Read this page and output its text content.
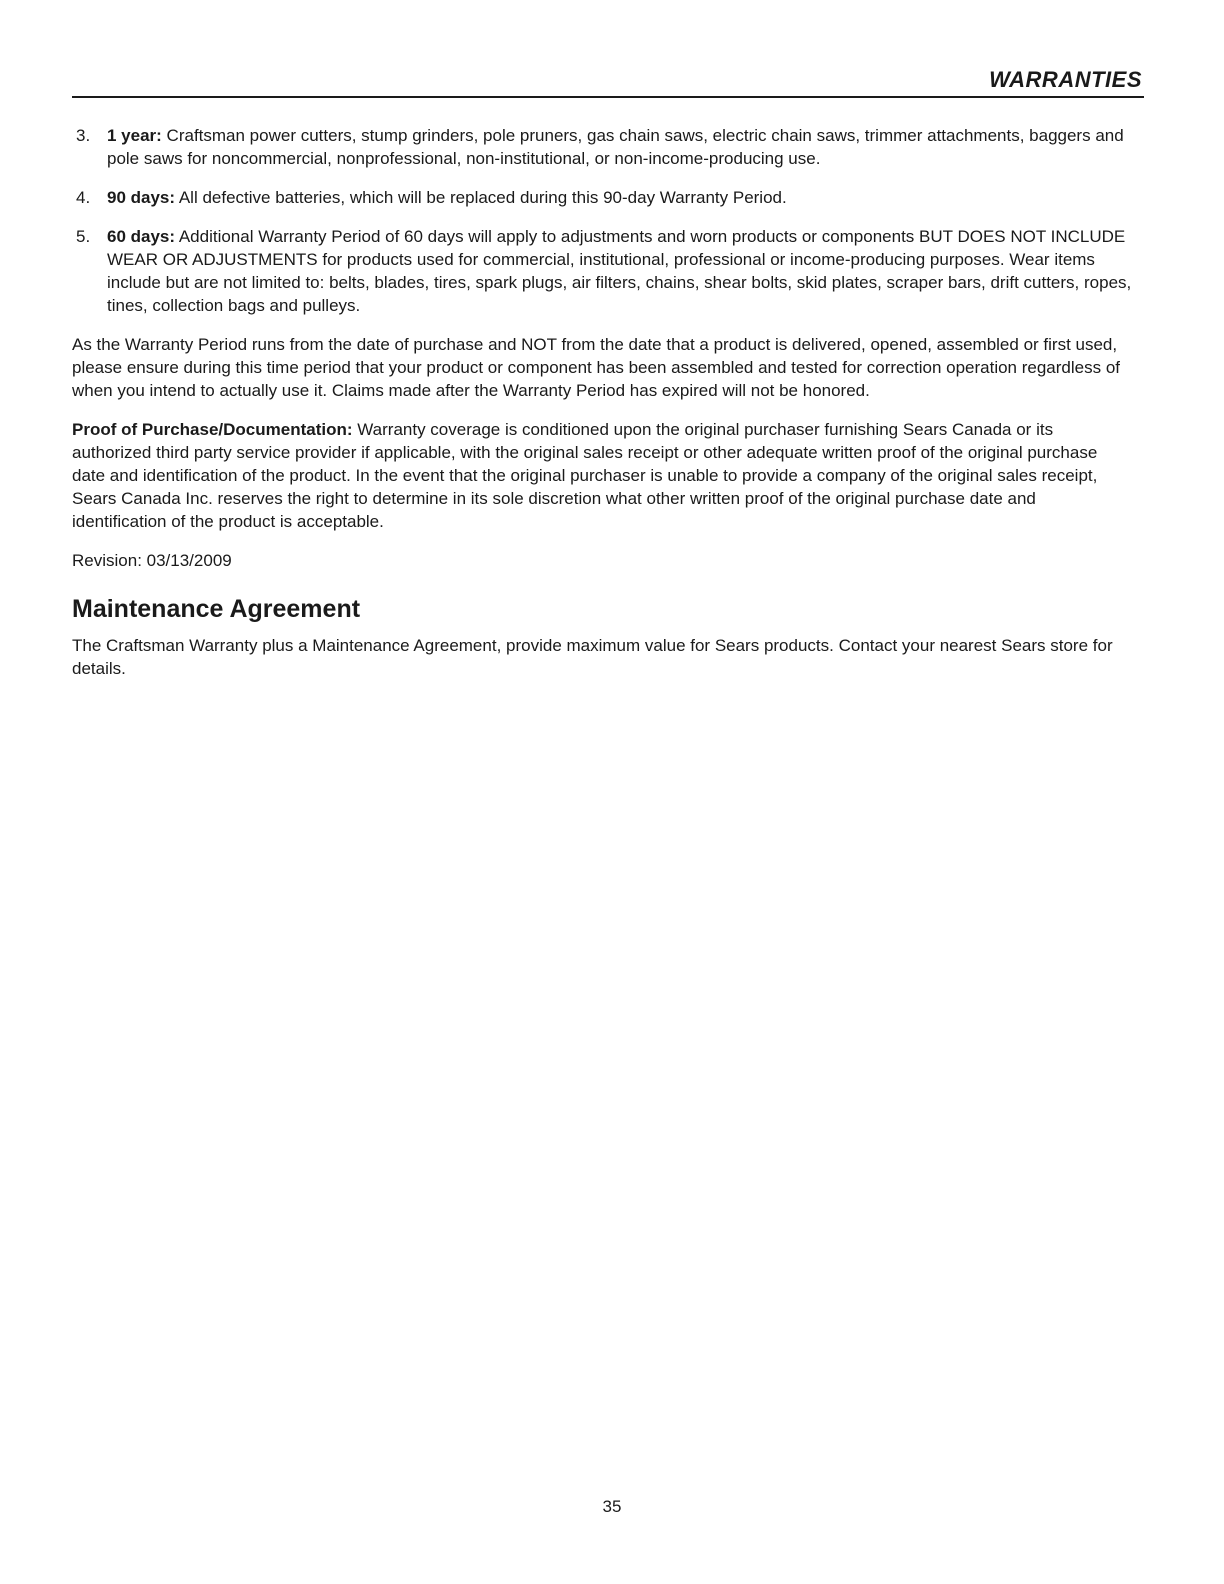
WARRANTIES
3. 1 year: Craftsman power cutters, stump grinders, pole pruners, gas chain saws, electric chain saws, trimmer attachments, baggers and pole saws for noncommercial, nonprofessional, non-institutional, or non-income-producing use.
4. 90 days: All defective batteries, which will be replaced during this 90-day Warranty Period.
5. 60 days: Additional Warranty Period of 60 days will apply to adjustments and worn products or components BUT DOES NOT INCLUDE WEAR OR ADJUSTMENTS for products used for commercial, institutional, professional or income-producing purposes. Wear items include but are not limited to: belts, blades, tires, spark plugs, air filters, chains, shear bolts, skid plates, scraper bars, drift cutters, ropes, tines, collection bags and pulleys.

As the Warranty Period runs from the date of purchase and NOT from the date that a product is delivered, opened, assembled or first used, please ensure during this time period that your product or component has been assembled and tested for correction operation regardless of when you intend to actually use it. Claims made after the Warranty Period has expired will not be honored.

Proof of Purchase/Documentation: Warranty coverage is conditioned upon the original purchaser furnishing Sears Canada or its authorized third party service provider if applicable, with the original sales receipt or other adequate written proof of the original purchase date and identification of the product. In the event that the original purchaser is unable to provide a company of the original sales receipt, Sears Canada Inc. reserves the right to determine in its sole discretion what other written proof of the original purchase date and identification of the product is acceptable.

Revision: 03/13/2009

Maintenance Agreement

The Craftsman Warranty plus a Maintenance Agreement, provide maximum value for Sears products. Contact your nearest Sears store for details.

35
